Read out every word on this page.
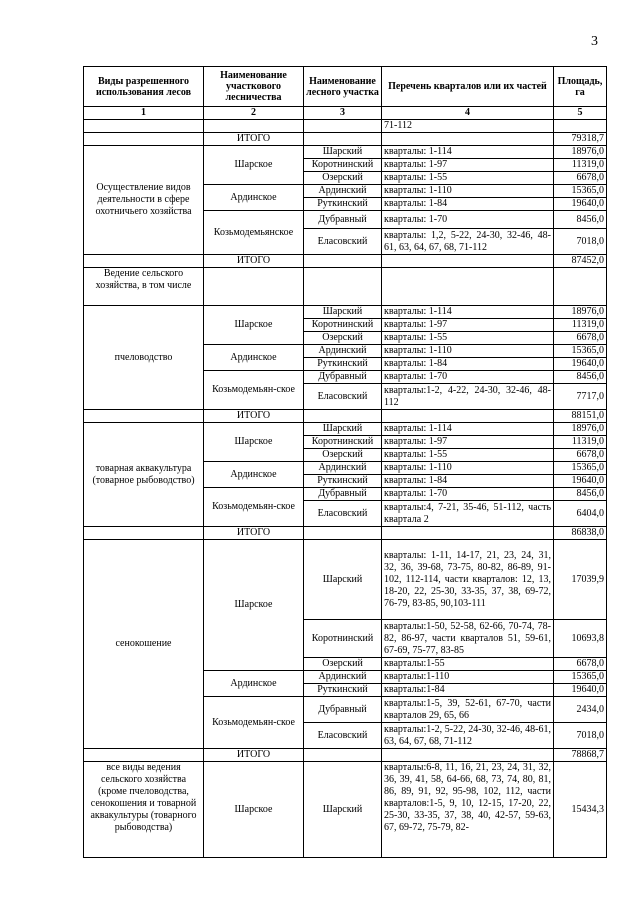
3
Виды разрешенного использования лесов	Наименование участкового лесничества	Наименование лесного участка	Перечень кварталов или их частей	Площадь, га
1	2	3	4	5
			71-112	
	ИТОГО			79318,7
Осуществление видов деятельности в сфере охотничьего хозяйства	Шарское	Шарский	кварталы: 1-114	18976,0
		Коротнинский	кварталы: 1-97	11319,0
		Озерский	кварталы: 1-55	6678,0
	Ардинское	Ардинский	кварталы: 1-110	15365,0
		Руткинский	кварталы: 1-84	19640,0
	Козьмодемьянское	Дубравный	кварталы: 1-70	8456,0
		Еласовский	кварталы: 1,2, 5-22, 24-30, 32-46, 48-61, 63, 64, 67, 68, 71-112	7018,0
	ИТОГО			87452,0
Ведение сельского хозяйства, в том числе				
пчеловодство	Шарское	Шарский	кварталы: 1-114	18976,0
		Коротнинский	кварталы: 1-97	11319,0
		Озерский	кварталы: 1-55	6678,0
	Ардинское	Ардинский	кварталы: 1-110	15365,0
		Руткинский	кварталы: 1-84	19640,0
	Козьмодемьян-ское	Дубравный	кварталы: 1-70	8456,0
		Еласовский	кварталы:1-2, 4-22, 24-30, 32-46, 48-112	7717,0
	ИТОГО			88151,0
товарная аквакультура (товарное рыбоводство)	Шарское	Шарский	кварталы: 1-114	18976,0
		Коротнинский	кварталы: 1-97	11319,0
		Озерский	кварталы: 1-55	6678,0
	Ардинское	Ардинский	кварталы: 1-110	15365,0
		Руткинский	кварталы: 1-84	19640,0
	Козьмодемьян-ское	Дубравный	кварталы: 1-70	8456,0
		Еласовский	кварталы:4, 7-21, 35-46, 51-112, часть квартала 2	6404,0
	ИТОГО			86838,0
сенокошение	Шарское	Шарский	кварталы: 1-11, 14-17, 21, 23, 24, 31, 32, 36, 39-68, 73-75, 80-82, 86-89, 91-102, 112-114, части кварталов: 12, 13, 18-20, 22, 25-30, 33-35, 37, 38, 69-72, 76-79, 83-85, 90,103-111	17039,9
		Коротнинский	кварталы:1-50, 52-58, 62-66, 70-74, 78-82, 86-97, части кварталов 51, 59-61, 67-69, 75-77, 83-85	10693,8
		Озерский	кварталы:1-55	6678,0
	Ардинское	Ардинский	кварталы:1-110	15365,0
		Руткинский	кварталы:1-84	19640,0
	Козьмодемьян-ское	Дубравный	кварталы:1-5, 39, 52-61, 67-70, части кварталов 29, 65, 66	2434,0
		Еласовский	кварталы:1-2, 5-22, 24-30, 32-46, 48-61, 63, 64, 67, 68, 71-112	7018,0
	ИТОГО			78868,7
все виды ведения сельского хозяйства (кроме пчеловодства, сенокошения и товарной аквакультуры (товарного рыбоводства)	Шарское	Шарский	кварталы:6-8, 11, 16, 21, 23, 24, 31, 32, 36, 39, 41, 58, 64-66, 68, 73, 74, 80, 81, 86, 89, 91, 92, 95-98, 102, 112, части кварталов:1-5, 9, 10, 12-15, 17-20, 22, 25-30, 33-35, 37, 38, 40, 42-57, 59-63, 67, 69-72, 75-79, 82-	15434,3
